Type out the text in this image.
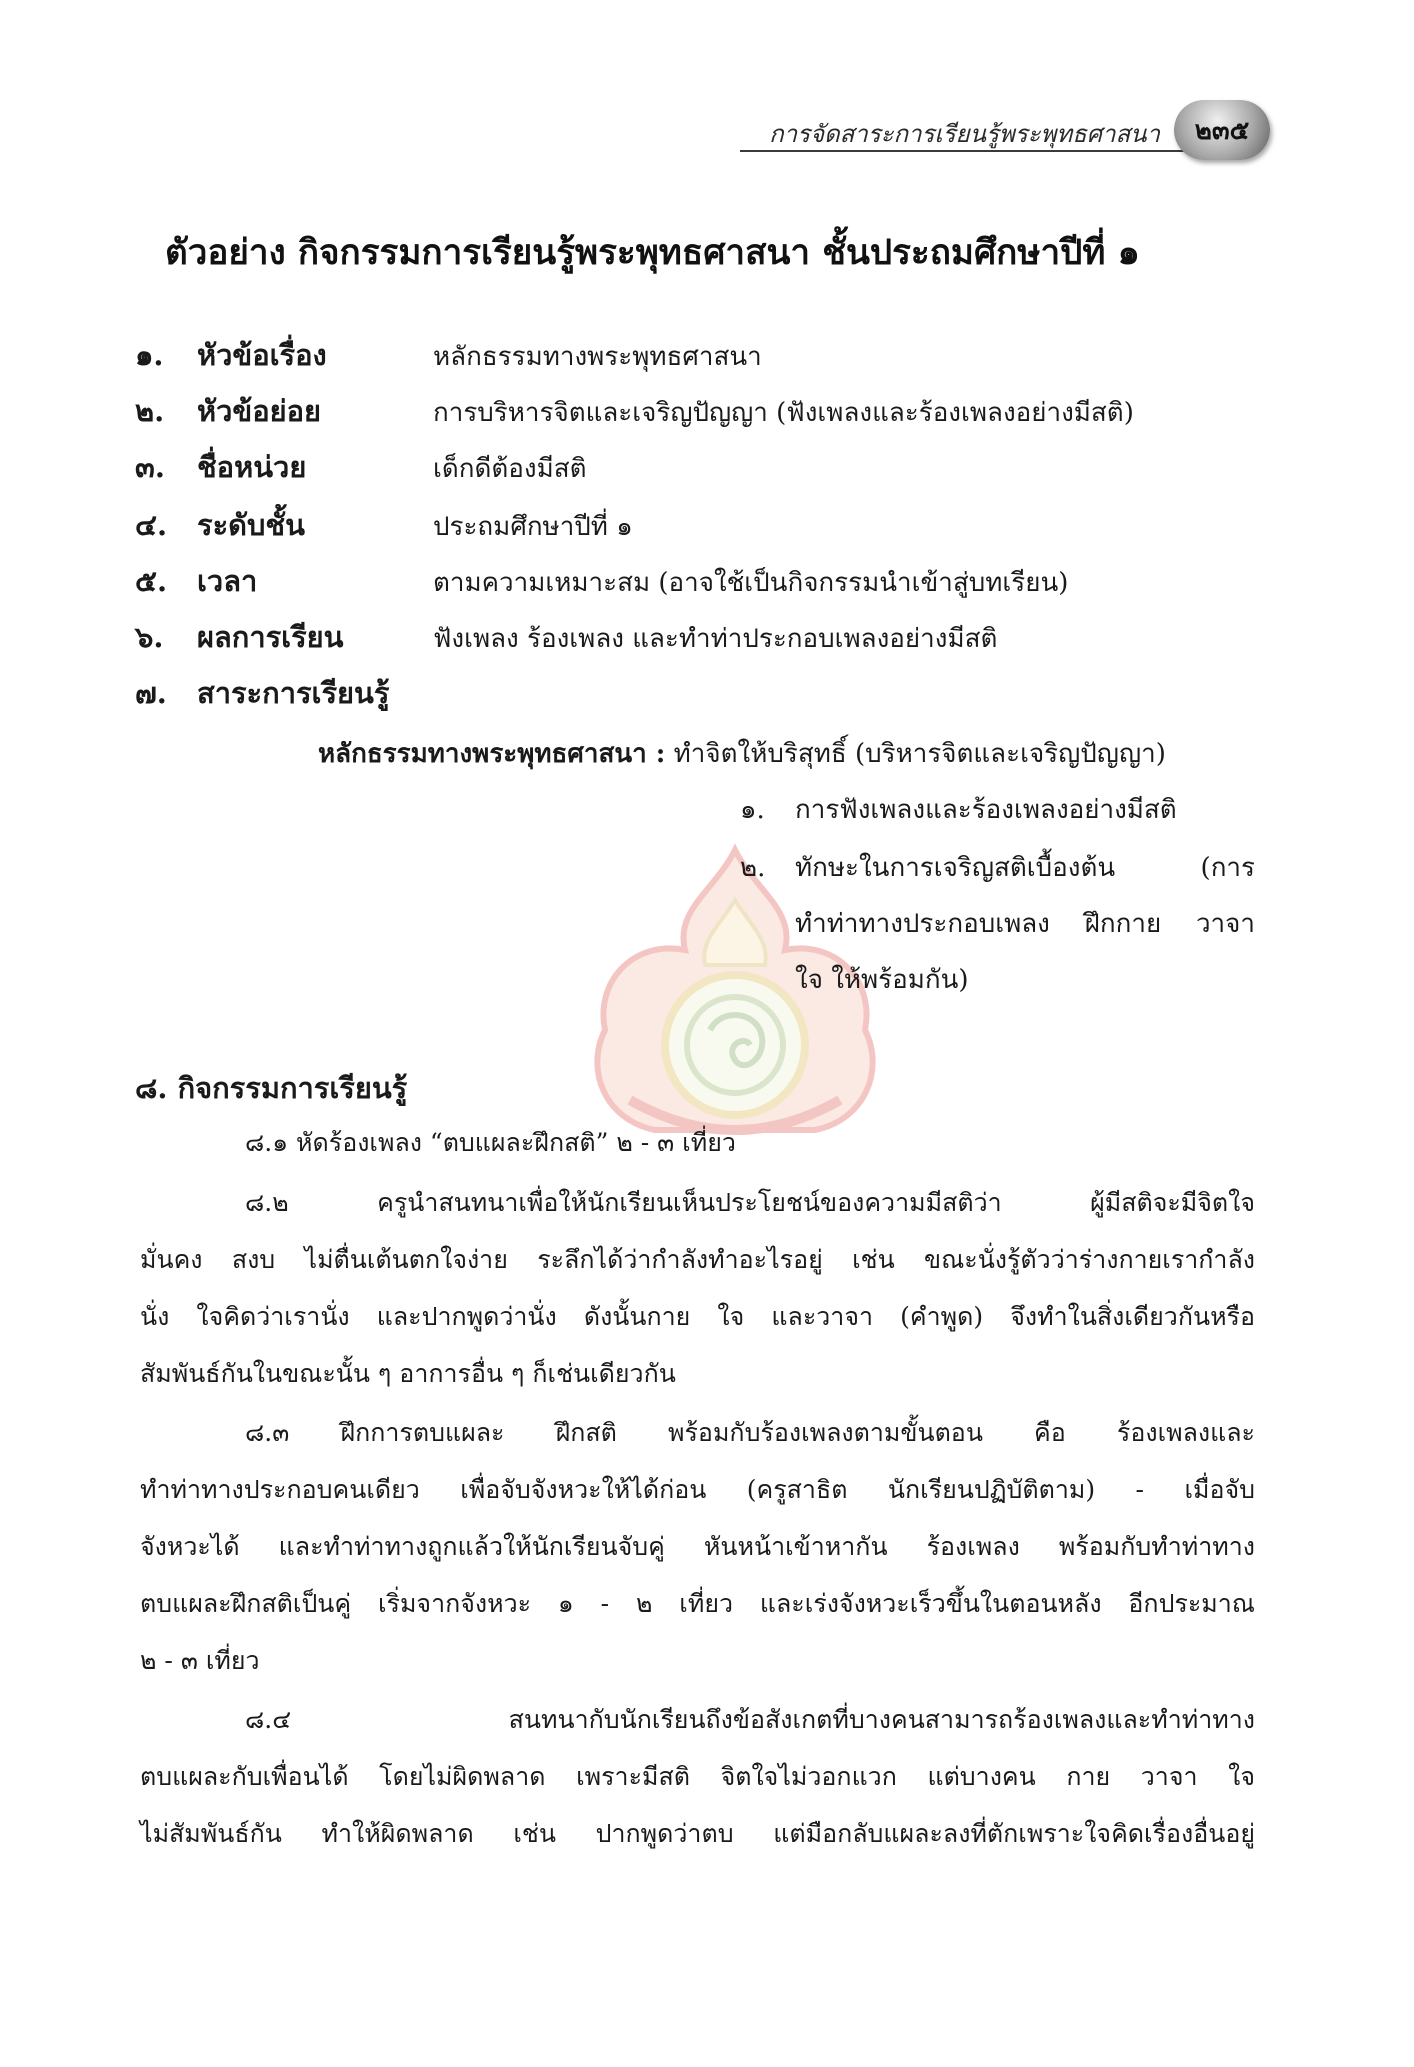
การจัดสาระการเรียนรู้พระพุทธศาสนา	๒๓๕
ตัวอย่าง กิจกรรมการเรียนรู้พระพุทธศาสนา ชั้นประถมศึกษาปีที่ ๑
๑. หัวข้อเรื่อง	หลักธรรมทางพระพุทธศาสนา
๒. หัวข้อย่อย	การบริหารจิตและเจริญปัญญา (ฟังเพลงและร้องเพลงอย่างมีสติ)
๓. ชื่อหน่วย	เด็กดีต้องมีสติ
๔. ระดับชั้น	ประถมศึกษาปีที่ ๑
๕. เวลา	ตามความเหมาะสม (อาจใช้เป็นกิจกรรมนำเข้าสู่บทเรียน)
๖. ผลการเรียน	ฟังเพลง ร้องเพลง และทำท่าประกอบเพลงอย่างมีสติ
๗. สาระการเรียนรู้
หลักธรรมทางพระพุทธศาสนา : ทำจิตให้บริสุทธิ์ (บริหารจิตและเจริญปัญญา)
๑. การฟังเพลงและร้องเพลงอย่างมีสติ
๒. ทักษะในการเจริญสติเบื้องต้น (การ
ทำท่าทางประกอบเพลง ฝึกกาย วาจา
ใจ ให้พร้อมกัน)
๘. กิจกรรมการเรียนรู้
๘.๑ หัดร้องเพลง “ตบแผละฝึกสติ” ๒ - ๓ เที่ยว
๘.๒ ครูนำสนทนาเพื่อให้นักเรียนเห็นประโยชน์ของความมีสติว่า ผู้มีสติจะมีจิตใจ
มั่นคง สงบ ไม่ตื่นเต้นตกใจง่าย ระลึกได้ว่ากำลังทำอะไรอยู่ เช่น ขณะนั่งรู้ตัวว่าร่างกายเรากำลัง
นั่ง ใจคิดว่าเรานั่ง และปากพูดว่านั่ง ดังนั้นกาย ใจ และวาจา (คำพูด) จึงทำในสิ่งเดียวกันหรือ
สัมพันธ์กันในขณะนั้น ๆ อาการอื่น ๆ ก็เช่นเดียวกัน
๘.๓ ฝึกการตบแผละ ฝึกสติ พร้อมกับร้องเพลงตามขั้นตอน คือ ร้องเพลงและ
ทำท่าทางประกอบคนเดียว เพื่อจับจังหวะให้ได้ก่อน (ครูสาธิต นักเรียนปฏิบัติตาม) - เมื่อจับ
จังหวะได้ และทำท่าทางถูกแล้วให้นักเรียนจับคู่ หันหน้าเข้าหากัน ร้องเพลง พร้อมกับทำท่าทาง
ตบแผละฝึกสติเป็นคู่ เริ่มจากจังหวะ ๑ - ๒ เที่ยว และเร่งจังหวะเร็วขึ้นในตอนหลัง อีกประมาณ
๒ - ๓ เที่ยว
๘.๔ สนทนากับนักเรียนถึงข้อสังเกตที่บางคนสามารถร้องเพลงและทำท่าทาง
ตบแผละกับเพื่อนได้ โดยไม่ผิดพลาด เพราะมีสติ จิตใจไม่วอกแวก แต่บางคน กาย วาจา ใจ
ไม่สัมพันธ์กัน ทำให้ผิดพลาด เช่น ปากพูดว่าตบ แต่มือกลับแผละลงที่ตักเพราะใจคิดเรื่องอื่นอยู่
